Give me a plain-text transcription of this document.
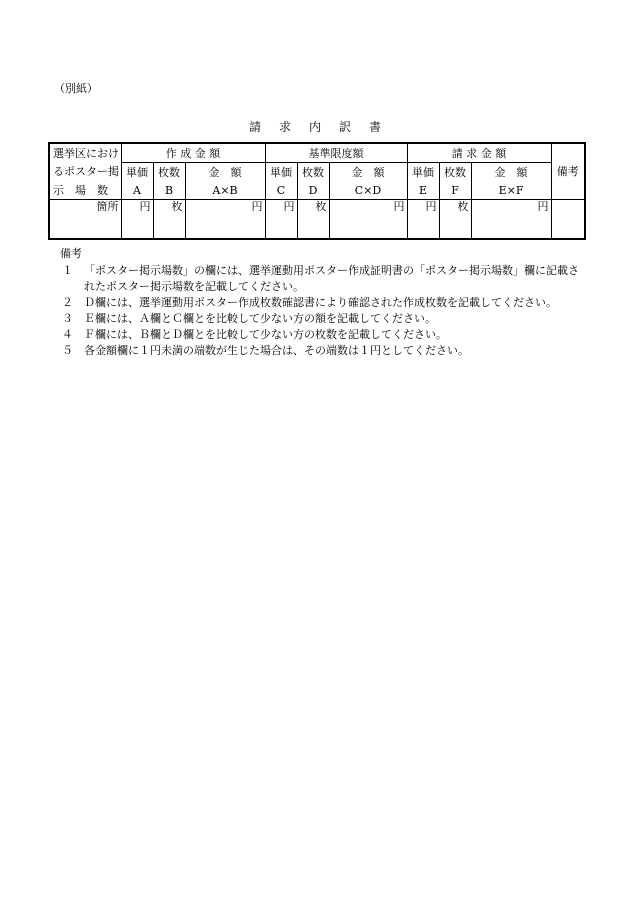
（別紙）
請求内訳書
選挙区におけ	作 成 金 額			基準限度額			請 求 金 額			備考
るポスター掲	単価	枚数	金　額	単価	枚数	金　額	単価	枚数	金　額	
示　場　数	A	B	A×B	C	D	C×D	E	F	E×F	
箇所	円	枚	円	円	枚	円	円	枚	円	
備考
１	「ポスター掲示場数」の欄には、選挙運動用ポスター作成証明書の「ポスター掲示場数」欄に記載されたポスター掲示場数を記載してください。
２	Ｄ欄には、選挙運動用ポスター作成枚数確認書により確認された作成枚数を記載してください。
３	Ｅ欄には、Ａ欄とＣ欄とを比較して少ない方の額を記載してください。
４	Ｆ欄には、Ｂ欄とＤ欄とを比較して少ない方の枚数を記載してください。
５	各金額欄に１円未満の端数が生じた場合は、その端数は１円としてください。
